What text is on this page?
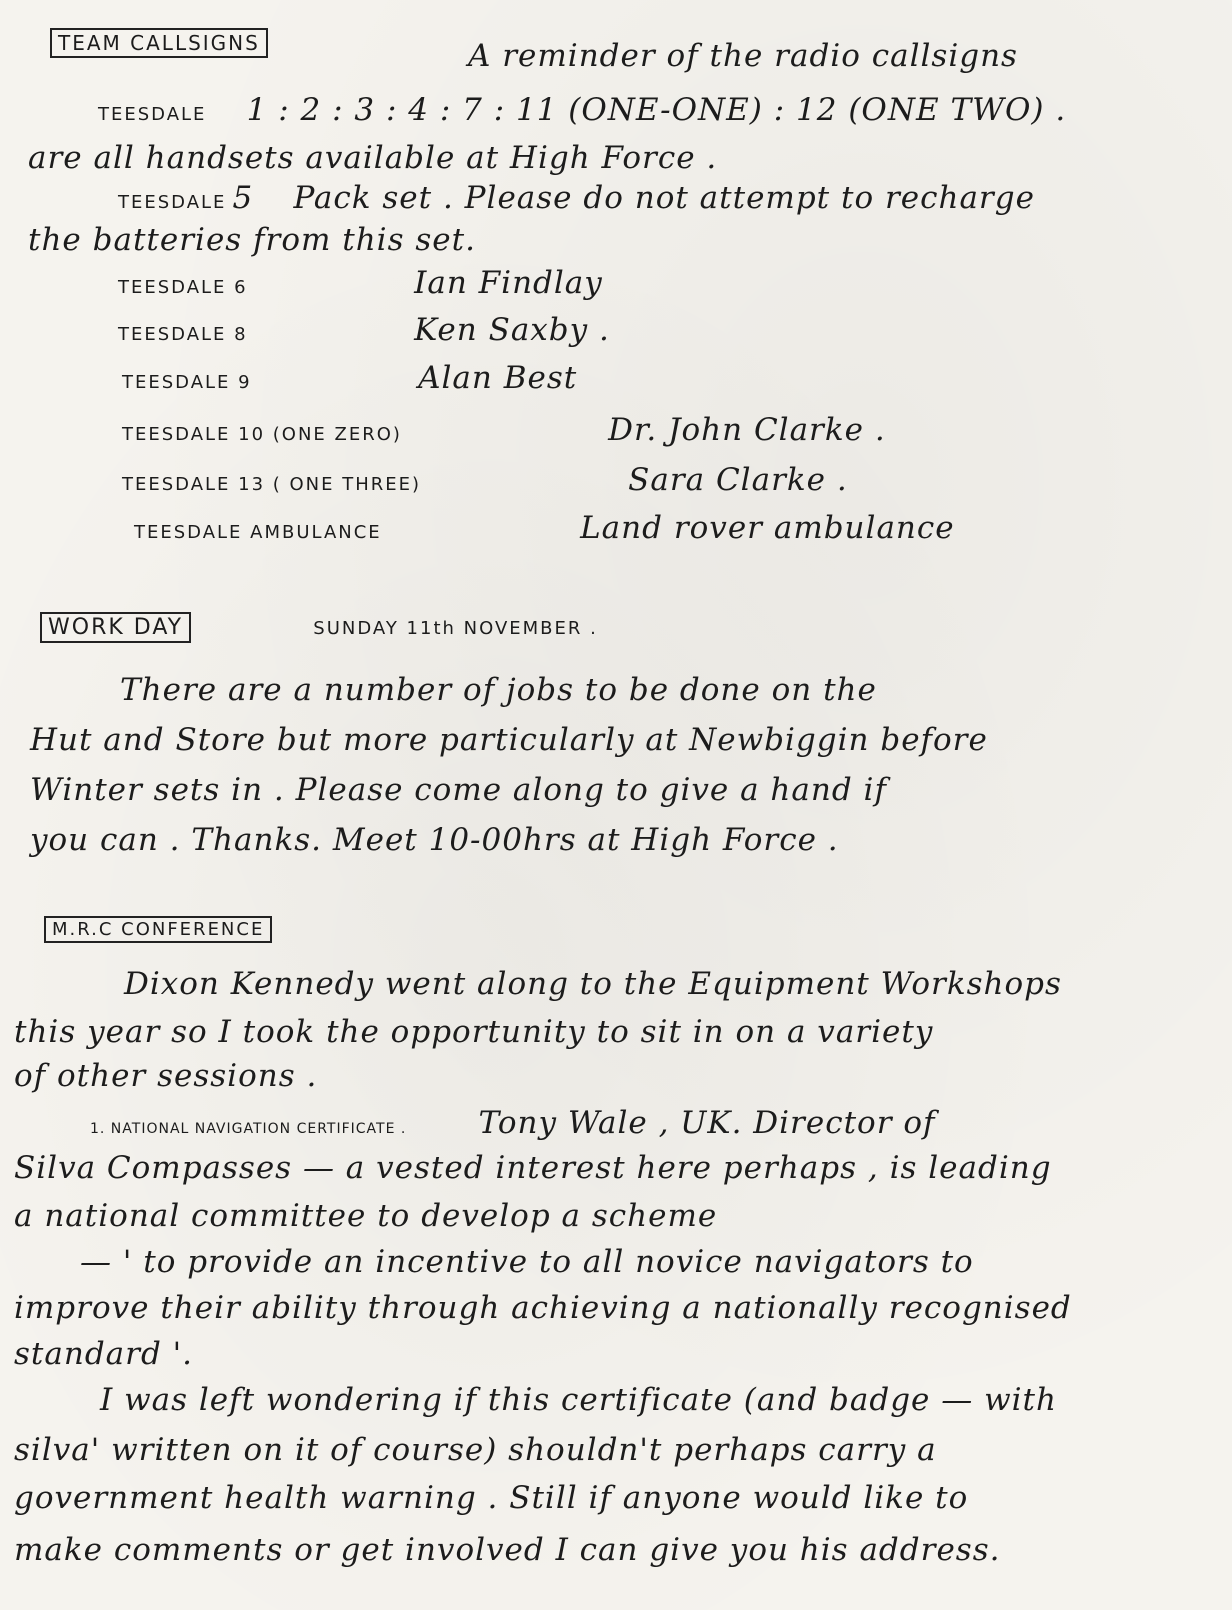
TEAM CALLSIGNS	A reminder of the radio callsigns
TEESDALE 1 : 2 : 3 : 4 : 7 : 11 (ONE-ONE) : 12 (ONE TWO) .
are all handsets available at High Force .
TEESDALE 5 Pack set . Please do not attempt to recharge
the batteries from this set.
TEESDALE 6	Ian Findlay
TEESDALE 8	Ken Saxby .
TEESDALE 9	Alan Best
TEESDALE 10 (ONE ZERO)	Dr. John Clarke .
TEESDALE 13 ( ONE THREE)	Sara Clarke .
TEESDALE AMBULANCE	Land rover ambulance
WORK DAY	SUNDAY 11th NOVEMBER .
There are a number of jobs to be done on the
Hut and Store but more particularly at Newbiggin before
Winter sets in . Please come along to give a hand if
you can . Thanks. Meet 10-00hrs at High Force .
M.R.C CONFERENCE
Dixon Kennedy went along to the Equipment Workshops
this year so I took the opportunity to sit in on a variety
of other sessions .
1. NATIONAL NAVIGATION CERTIFICATE . Tony Wale , UK. Director of
Silva Compasses — a vested interest here perhaps , is leading
a national committee to develop a scheme
— ' to provide an incentive to all novice navigators to
improve their ability through achieving a nationally recognised
standard '.
I was left wondering if this certificate (and badge — with
silva' written on it of course) shouldn't perhaps carry a
government health warning . Still if anyone would like to
make comments or get involved I can give you his address.
